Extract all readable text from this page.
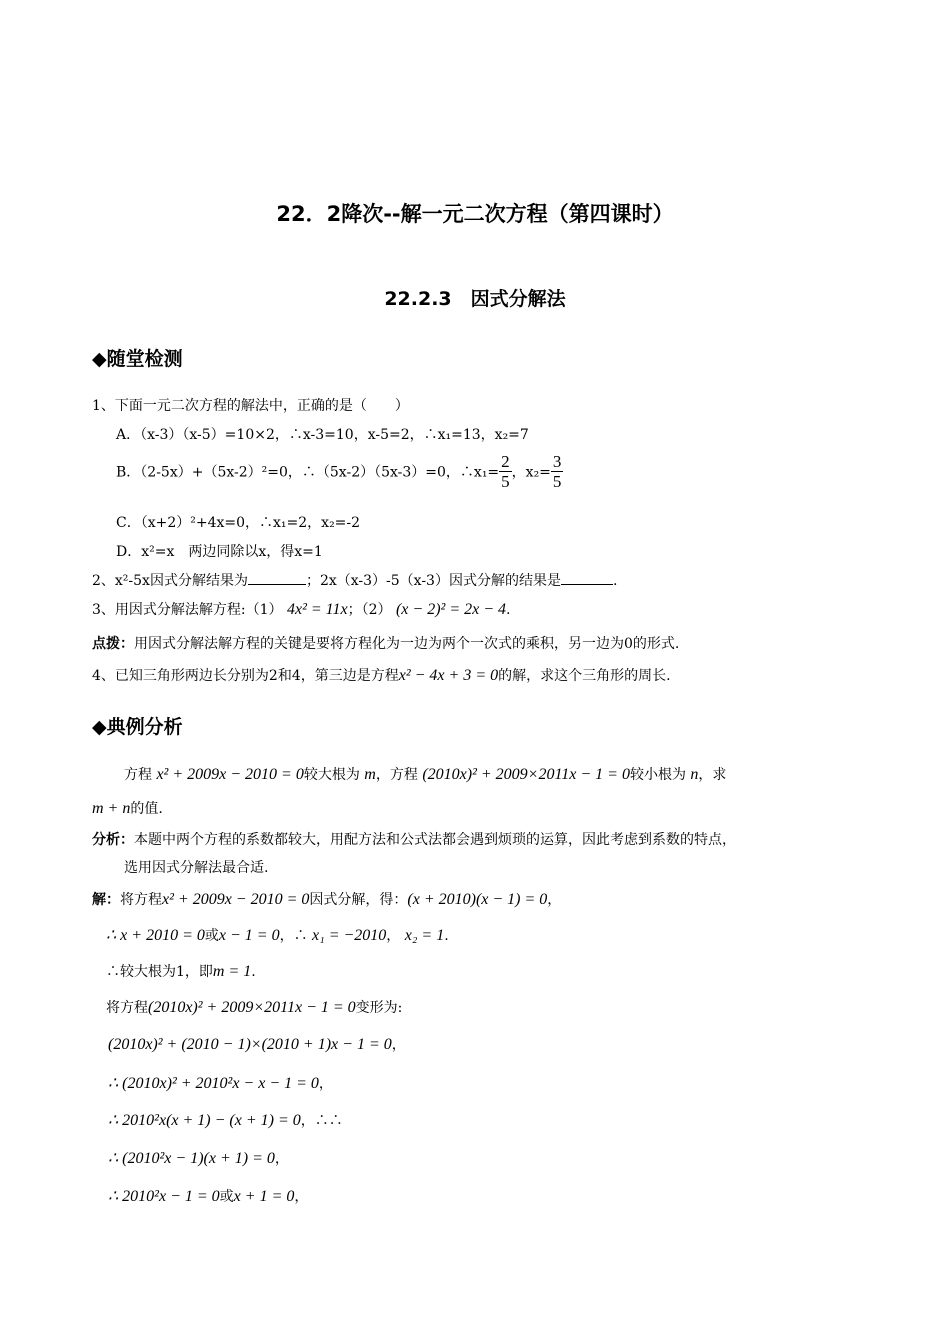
22．2降次--解一元二次方程（第四课时）
22.2.3　因式分解法
◆随堂检测
1、下面一元二次方程的解法中，正确的是（　　）
A．（x-3）（x-5）=10×2，∴x-3=10，x-5=2，∴x₁=13，x₂=7
B．（2-5x）+（5x-2）²=0，∴（5x-2）（5x-3）=0，∴x₁= $\frac{2}{5}$ ，$x_2= \frac{3}{5}$
C．（x+2）²+4x=0，∴x₁=2，x₂=-2
D．x²=x　两边同除以x，得x=1
2、x²-5x因式分解结果为	；2x（x-3）-5（x-3）因式分解的结果是	.
3、用因式分解法解方程:（1） 4x² = 11x；（2） (x − 2)² = 2x − 4.
点拨：用因式分解法解方程的关键是要将方程化为一边为两个一次式的乘积，另一边为0的形式.
4、已知三角形两边长分别为2和4，第三边是方程x² − 4x + 3 = 0的解，求这个三角形的周长.
◆典例分析
方程 x² + 2009x − 2010 = 0较大根为 m，方程 (2010x)² + 2009×2011x − 1 = 0较小根为 n，求
m + n的值.
分析：本题中两个方程的系数都较大，用配方法和公式法都会遇到烦琐的运算，因此考虑到系数的特点，
选用因式分解法最合适.
解：将方程x² + 2009x − 2010 = 0因式分解，得：(x + 2010)(x − 1) = 0，
∴ x + 2010 = 0或x − 1 = 0，∴ x₁ = −2010， x₂ = 1.
∴较大根为1，即m = 1.
将方程(2010x)² + 2009×2011x − 1 = 0变形为:
(2010x)² + (2010 − 1)×(2010 + 1)x − 1 = 0，
∴ (2010x)² + 2010²x − x − 1 = 0，
∴ 2010²x(x + 1) − (x + 1) = 0，∴∴
∴ (2010²x − 1)(x + 1) = 0，
∴ 2010²x − 1 = 0或x + 1 = 0，
